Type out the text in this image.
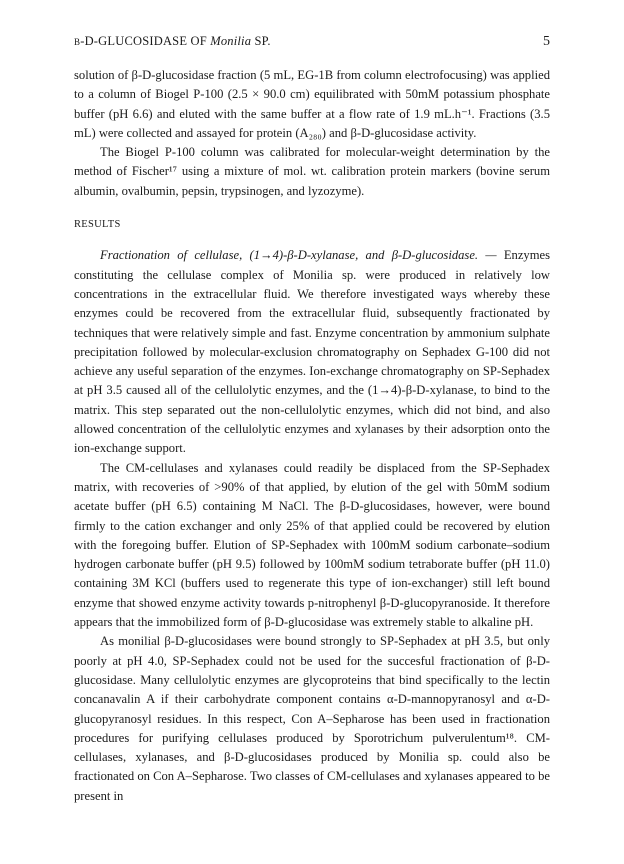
β-D-GLUCOSIDASE OF Monilia SP.	5

solution of β-D-glucosidase fraction (5 mL, EG-1B from column electrofocusing) was applied to a column of Biogel P-100 (2.5 × 90.0 cm) equilibrated with 50mM potassium phosphate buffer (pH 6.6) and eluted with the same buffer at a flow rate of 1.9 mL.h⁻¹. Fractions (3.5 mL) were collected and assayed for protein (A₂₈₀) and β-D-glucosidase activity.

The Biogel P-100 column was calibrated for molecular-weight determination by the method of Fischer¹⁷ using a mixture of mol. wt. calibration protein markers (bovine serum albumin, ovalbumin, pepsin, trypsinogen, and lyzozyme).

RESULTS

Fractionation of cellulase, (1→4)-β-D-xylanase, and β-D-glucosidase. — Enzymes constituting the cellulase complex of Monilia sp. were produced in relatively low concentrations in the extracellular fluid. We therefore investigated ways whereby these enzymes could be recovered from the extracellular fluid, subsequently fractionated by techniques that were relatively simple and fast. Enzyme concentration by ammonium sulphate precipitation followed by molecular-exclusion chromatography on Sephadex G-100 did not achieve any useful separation of the enzymes. Ion-exchange chromatography on SP-Sephadex at pH 3.5 caused all of the cellulolytic enzymes, and the (1→4)-β-D-xylanase, to bind to the matrix. This step separated out the non-cellulolytic enzymes, which did not bind, and also allowed concentration of the cellulolytic enzymes and xylanases by their adsorption onto the ion-exchange support.

The CM-cellulases and xylanases could readily be displaced from the SP-Sephadex matrix, with recoveries of >90% of that applied, by elution of the gel with 50mM sodium acetate buffer (pH 6.5) containing M NaCl. The β-D-glucosidases, however, were bound firmly to the cation exchanger and only 25% of that applied could be recovered by elution with the foregoing buffer. Elution of SP-Sephadex with 100mM sodium carbonate–sodium hydrogen carbonate buffer (pH 9.5) followed by 100mM sodium tetraborate buffer (pH 11.0) containing 3M KCl (buffers used to regenerate this type of ion-exchanger) still left bound enzyme that showed enzyme activity towards p-nitrophenyl β-D-glucopyranoside. It therefore appears that the immobilized form of β-D-glucosidase was extremely stable to alkaline pH.

As monilial β-D-glucosidases were bound strongly to SP-Sephadex at pH 3.5, but only poorly at pH 4.0, SP-Sephadex could not be used for the succesful fractionation of β-D-glucosidase. Many cellulolytic enzymes are glycoproteins that bind specifically to the lectin concanavalin A if their carbohydrate component contains α-D-mannopyranosyl and α-D-glucopyranosyl residues. In this respect, Con A–Sepharose has been used in fractionation procedures for purifying cellulases produced by Sporotrichum pulverulentum¹⁸. CM-cellulases, xylanases, and β-D-glucosidases produced by Monilia sp. could also be fractionated on Con A–Sepharose. Two classes of CM-cellulases and xylanases appeared to be present in
